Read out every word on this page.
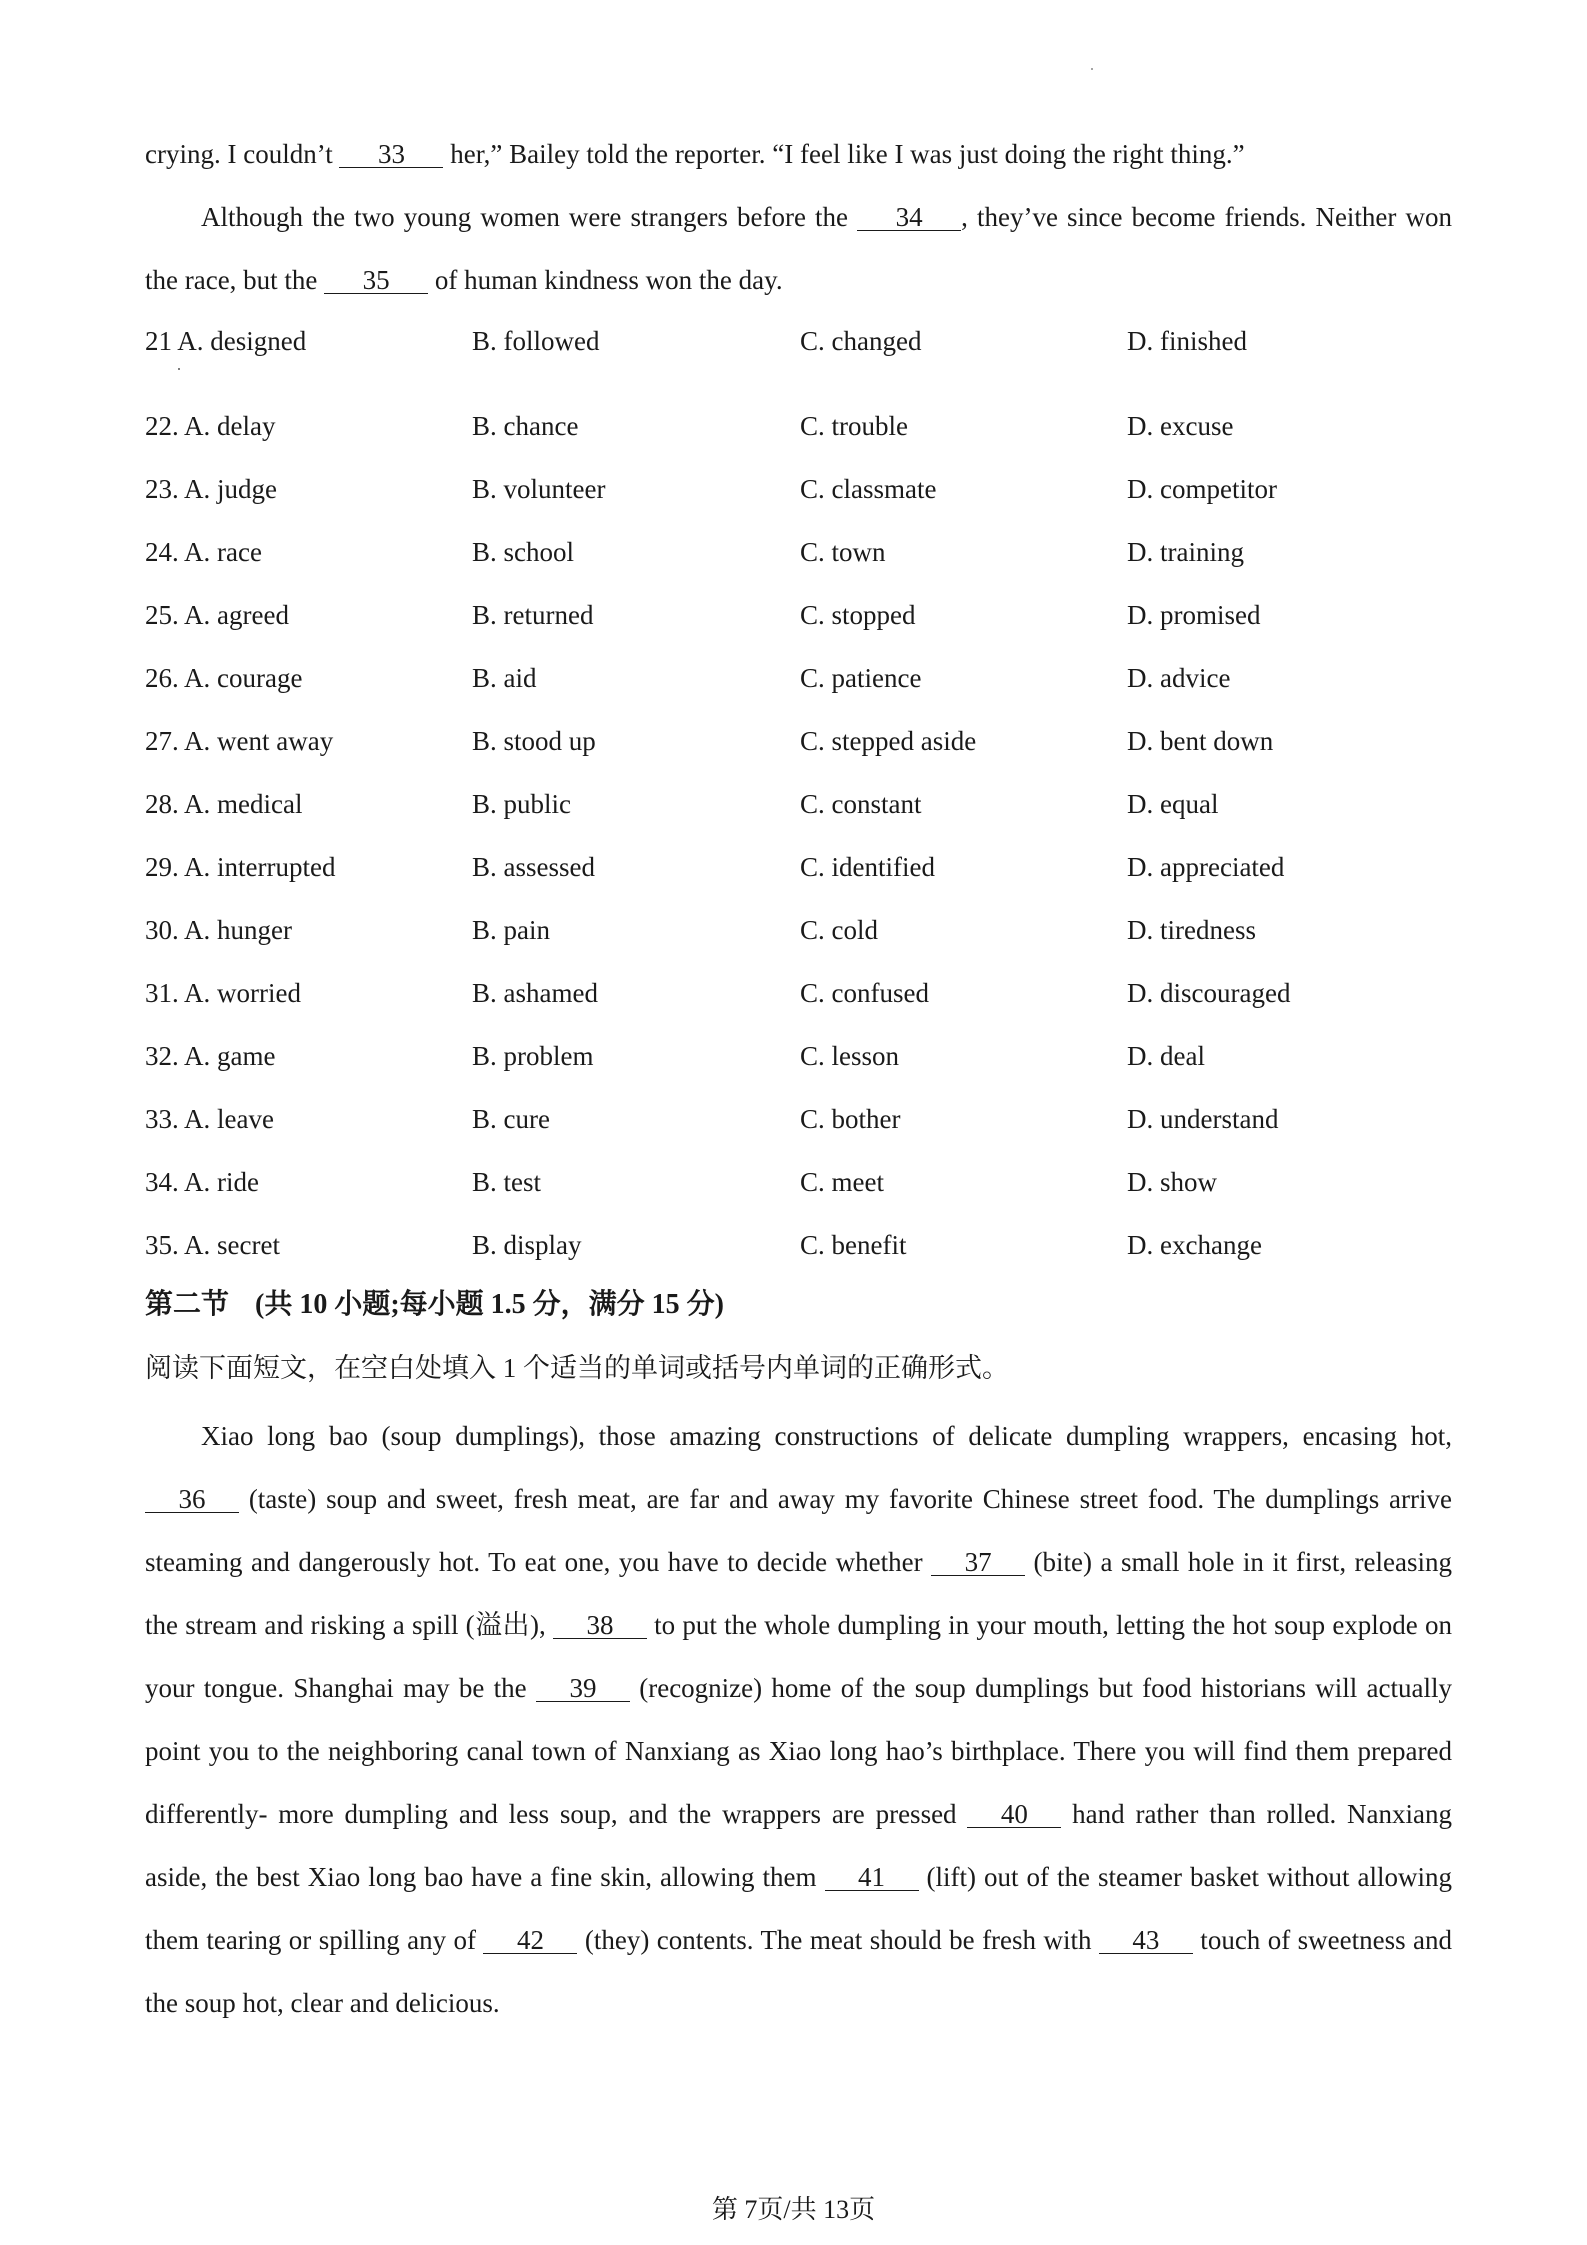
crying. I couldn’t 33 her,” Bailey told the reporter. “I feel like I was just doing the right thing.”

Although the two young women were strangers before the 34 , they’ve since become friends. Neither won the race, but the 35 of human kindness won the day.

21 A. designed	B. followed	C. changed	D. finished
22. A. delay	B. chance	C. trouble	D. excuse
23. A. judge	B. volunteer	C. classmate	D. competitor
24. A. race	B. school	C. town	D. training
25. A. agreed	B. returned	C. stopped	D. promised
26. A. courage	B. aid	C. patience	D. advice
27. A. went away	B. stood up	C. stepped aside	D. bent down
28. A. medical	B. public	C. constant	D. equal
29. A. interrupted	B. assessed	C. identified	D. appreciated
30. A. hunger	B. pain	C. cold	D. tiredness
31. A. worried	B. ashamed	C. confused	D. discouraged
32. A. game	B. problem	C. lesson	D. deal
33. A. leave	B. cure	C. bother	D. understand
34. A. ride	B. test	C. meet	D. show
35. A. secret	B. display	C. benefit	D. exchange
第二节 (共 10 小题;每小题 1.5 分，满分 15 分)
阅读下面短文，在空白处填入 1 个适当的单词或括号内单词的正确形式。

Xiao long bao (soup dumplings), those amazing constructions of delicate dumpling wrappers, encasing hot, 36 (taste) soup and sweet, fresh meat, are far and away my favorite Chinese street food. The dumplings arrive steaming and dangerously hot. To eat one, you have to decide whether 37 (bite) a small hole in it first, releasing the stream and risking a spill (溢出), 38 to put the whole dumpling in your mouth, letting the hot soup explode on your tongue. Shanghai may be the 39 (recognize) home of the soup dumplings but food historians will actually point you to the neighboring canal town of Nanxiang as Xiao long hao’s birthplace. There you will find them prepared differently- more dumpling and less soup, and the wrappers are pressed 40 hand rather than rolled. Nanxiang aside, the best Xiao long bao have a fine skin, allowing them 41 (lift) out of the steamer basket without allowing them tearing or spilling any of 42 (they) contents. The meat should be fresh with 43 touch of sweetness and the soup hot, clear and delicious.

第 7页/共 13页
